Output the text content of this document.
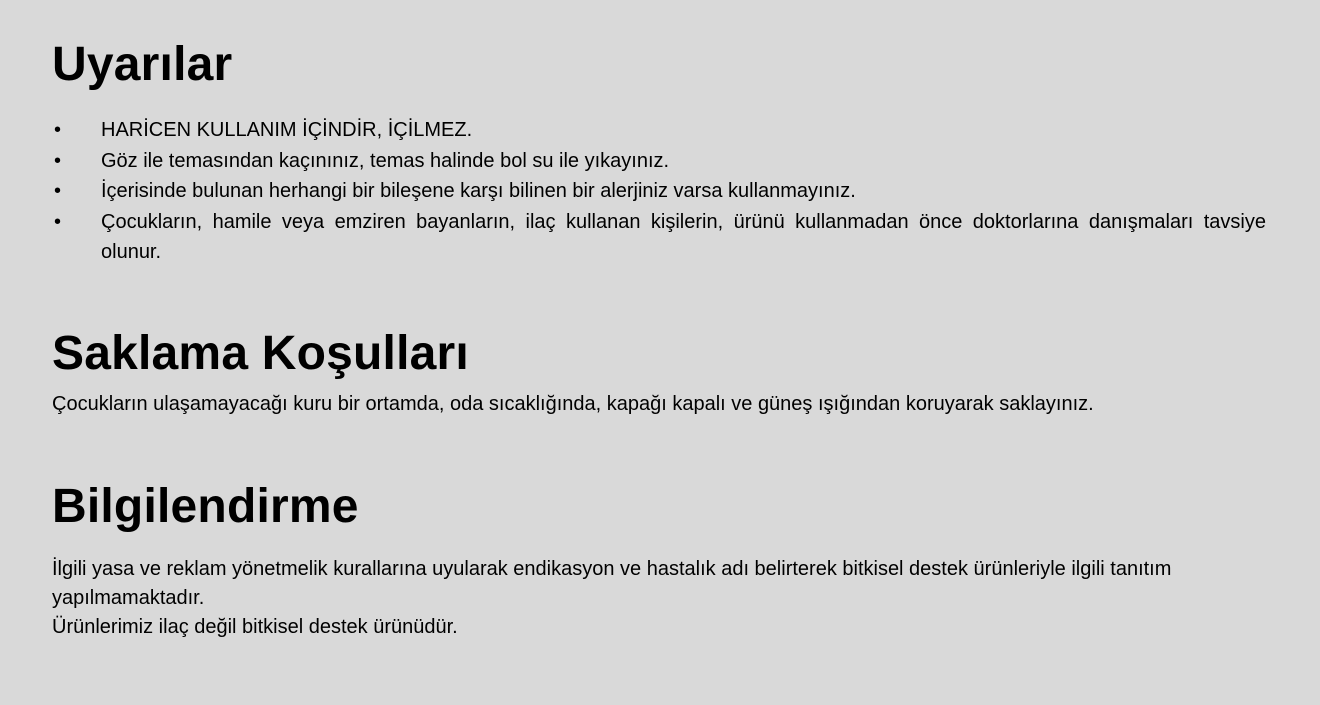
Uyarılar
• HARİCEN KULLANIM İÇİNDİR, İÇİLMEZ.
• Göz ile temasından kaçınınız, temas halinde bol su ile yıkayınız.
• İçerisinde bulunan herhangi bir bileşene karşı bilinen bir alerjiniz varsa kullanmayınız.
• Çocukların, hamile veya emziren bayanların, ilaç kullanan kişilerin, ürünü kullanmadan önce doktorlarına danışmaları tavsiye olunur.
Saklama Koşulları

Çocukların ulaşamayacağı kuru bir ortamda, oda sıcaklığında, kapağı kapalı ve güneş ışığından koruyarak saklayınız.

Bilgilendirme

İlgili yasa ve reklam yönetmelik kurallarına uyularak endikasyon ve hastalık adı belirterek bitkisel destek ürünleriyle ilgili tanıtım yapılmamaktadır.

Ürünlerimiz ilaç değil bitkisel destek ürünüdür.
